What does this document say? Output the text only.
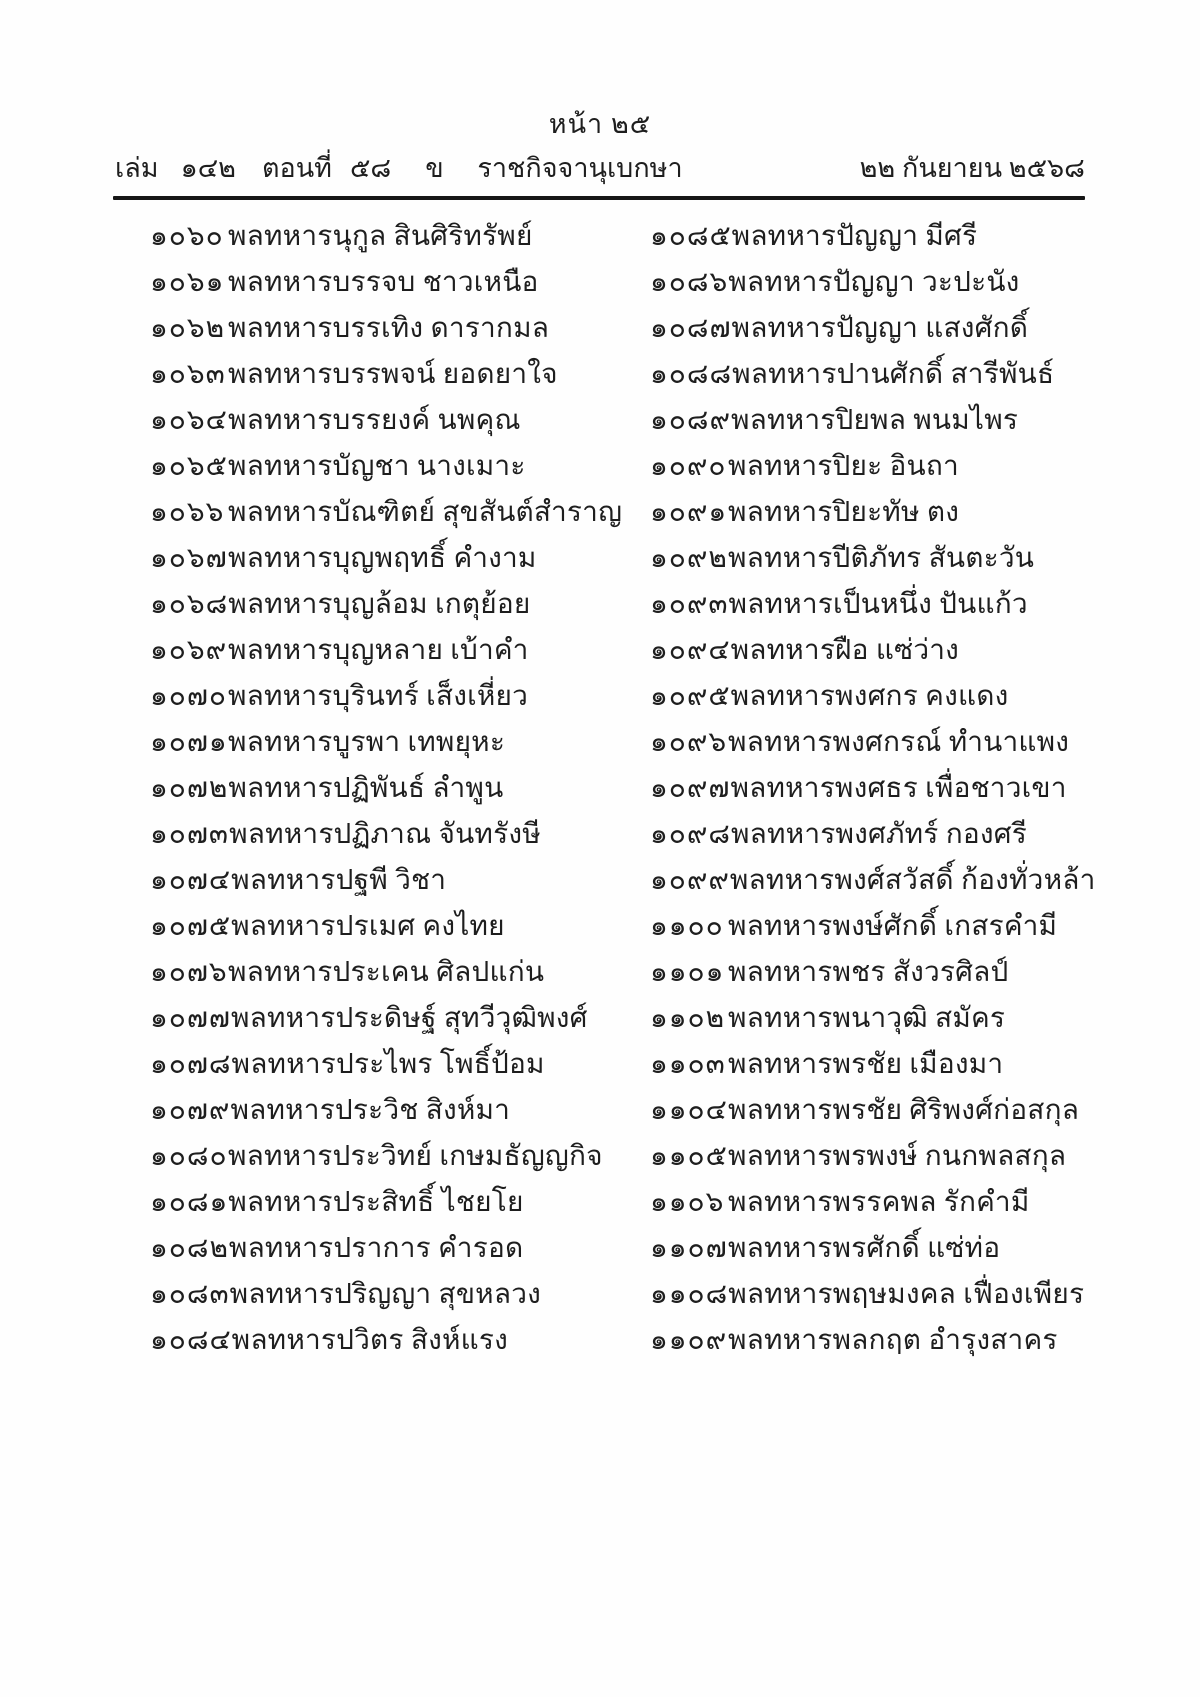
หน้า ๒๕
เล่ม ๑๔๒ ตอนที่ ๕๘ ข ราชกิจจานุเบกษา	๒๒ กันยายน ๒๕๖๘
๑๐๖๐ พลทหารนุกูล สินศิริทรัพย์
๑๐๖๑ พลทหารบรรจบ ชาวเหนือ
๑๐๖๒ พลทหารบรรเทิง ดารากมล
๑๐๖๓ พลทหารบรรพจน์ ยอดยาใจ
๑๐๖๔ พลทหารบรรยงค์ นพคุณ
๑๐๖๕ พลทหารบัญชา นางเมาะ
๑๐๖๖ พลทหารบัณฑิตย์ สุขสันต์สำราญ
๑๐๖๗ พลทหารบุญพฤทธิ์ คำงาม
๑๐๖๘ พลทหารบุญล้อม เกตุย้อย
๑๐๖๙ พลทหารบุญหลาย เบ้าคำ
๑๐๗๐ พลทหารบุรินทร์ เส็งเหี่ยว
๑๐๗๑ พลทหารบูรพา เทพยุหะ
๑๐๗๒ พลทหารปฏิพันธ์ ลำพูน
๑๐๗๓ พลทหารปฏิภาณ จันทรังษี
๑๐๗๔ พลทหารปฐพี วิชา
๑๐๗๕ พลทหารปรเมศ คงไทย
๑๐๗๖ พลทหารประเคน ศิลปแก่น
๑๐๗๗ พลทหารประดิษฐ์ สุทวีวุฒิพงศ์
๑๐๗๘ พลทหารประไพร โพธิ์ป้อม
๑๐๗๙ พลทหารประวิช สิงห์มา
๑๐๘๐ พลทหารประวิทย์ เกษมธัญญกิจ
๑๐๘๑ พลทหารประสิทธิ์ ไชยโย
๑๐๘๒ พลทหารปราการ คำรอด
๑๐๘๓ พลทหารปริญญา สุขหลวง
๑๐๘๔ พลทหารปวิตร สิงห์แรง
๑๐๘๕ พลทหารปัญญา มีศรี
๑๐๘๖ พลทหารปัญญา วะปะนัง
๑๐๘๗ พลทหารปัญญา แสงศักดิ์
๑๐๘๘ พลทหารปานศักดิ์ สารีพันธ์
๑๐๘๙ พลทหารปิยพล พนมไพร
๑๐๙๐ พลทหารปิยะ อินถา
๑๐๙๑ พลทหารปิยะทัษ ตง
๑๐๙๒ พลทหารปีติภัทร สันตะวัน
๑๐๙๓ พลทหารเป็นหนึ่ง ปันแก้ว
๑๐๙๔ พลทหารฝือ แซ่ว่าง
๑๐๙๕ พลทหารพงศกร คงแดง
๑๐๙๖ พลทหารพงศกรณ์ ทำนาแพง
๑๐๙๗ พลทหารพงศธร เพื่อชาวเขา
๑๐๙๘ พลทหารพงศภัทร์ กองศรี
๑๐๙๙ พลทหารพงศ์สวัสดิ์ ก้องทั่วหล้า
๑๑๐๐ พลทหารพงษ์ศักดิ์ เกสรคำมี
๑๑๐๑ พลทหารพชร สังวรศิลป์
๑๑๐๒ พลทหารพนาวุฒิ สมัคร
๑๑๐๓ พลทหารพรชัย เมืองมา
๑๑๐๔ พลทหารพรชัย ศิริพงศ์ก่อสกุล
๑๑๐๕ พลทหารพรพงษ์ กนกพลสกุล
๑๑๐๖ พลทหารพรรคพล รักคำมี
๑๑๐๗ พลทหารพรศักดิ์ แซ่ท่อ
๑๑๐๘ พลทหารพฤษมงคล เฟื่องเพียร
๑๑๐๙ พลทหารพลกฤต อำรุงสาคร
